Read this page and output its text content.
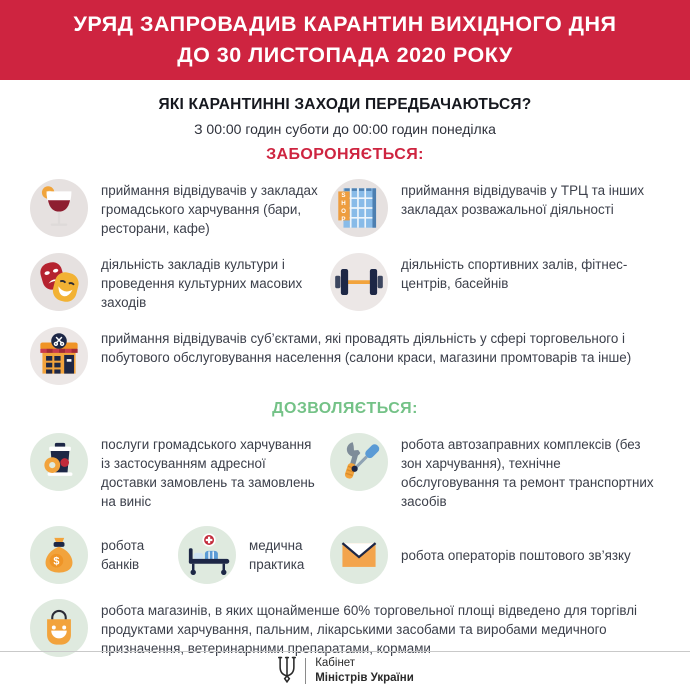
УРЯД ЗАПРОВАДИВ КАРАНТИН ВИХІДНОГО ДНЯ
ДО 30 ЛИСТОПАДА 2020 РОКУ
ЯКІ КАРАНТИННІ ЗАХОДИ ПЕРЕДБАЧАЮТЬСЯ?
З 00:00 годин суботи до 00:00 годин понеділка
ЗАБОРОНЯЄТЬСЯ:
приймання відвідувачів у закладах громадського харчування (бари, ресторани, кафе)
SHOP
приймання відвідувачів у ТРЦ та інших закладах розважальної діяльності
діяльність закладів культури і проведення культурних масових заходів
діяльність спортивних залів, фітнес-центрів, басейнів
приймання відвідувачів суб’єктами, які провадять діяльність у сфері торговельного і побутового обслуговування населення (салони краси, магазини промтоварів та інше)
ДОЗВОЛЯЄТЬСЯ:
послуги громадського харчування із застосуванням адресної доставки замовлень та замовлень на виніс
робота автозаправних комплексів (без зон харчування), технічне обслуговування та ремонт транспортних засобів
$
робота банків
медична практика
робота операторів поштового зв’язку
робота магазинів, в яких щонайменше 60% торговельної площі відведено для торгівлі продуктами харчування, пальним, лікарськими засобами та виробами медичного призначення, ветеринарними препаратами, кормами
Кабінет
Міністрів України
